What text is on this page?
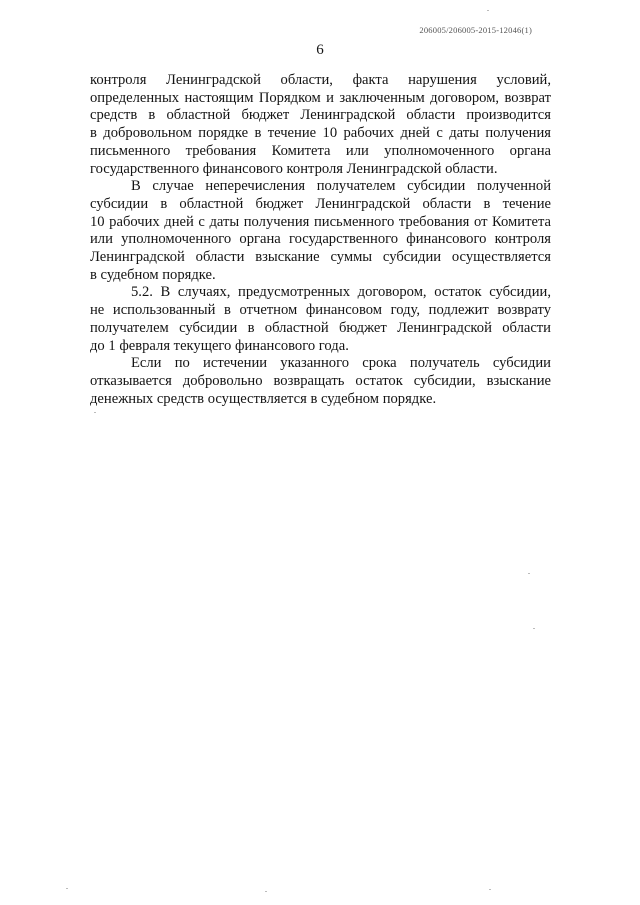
206005/206005-2015-12046(1)
6

контроля Ленинградской области, факта нарушения условий,
определенных настоящим Порядком и заключенным договором, возврат
средств в областной бюджет Ленинградской области производится
в добровольном порядке в течение 10 рабочих дней с даты получения
письменного требования Комитета или уполномоченного органа
государственного финансового контроля Ленинградской области.

В случае неперечисления получателем субсидии полученной
субсидии в областной бюджет Ленинградской области в течение
10 рабочих дней с даты получения письменного требования от Комитета
или уполномоченного органа государственного финансового контроля
Ленинградской области взыскание суммы субсидии осуществляется
в судебном порядке.

5.2. В случаях, предусмотренных договором, остаток субсидии,
не использованный в отчетном финансовом году, подлежит возврату
получателем субсидии в областной бюджет Ленинградской области
до 1 февраля текущего финансового года.

Если по истечении указанного срока получатель субсидии
отказывается добровольно возвращать остаток субсидии, взыскание
денежных средств осуществляется в судебном порядке.
